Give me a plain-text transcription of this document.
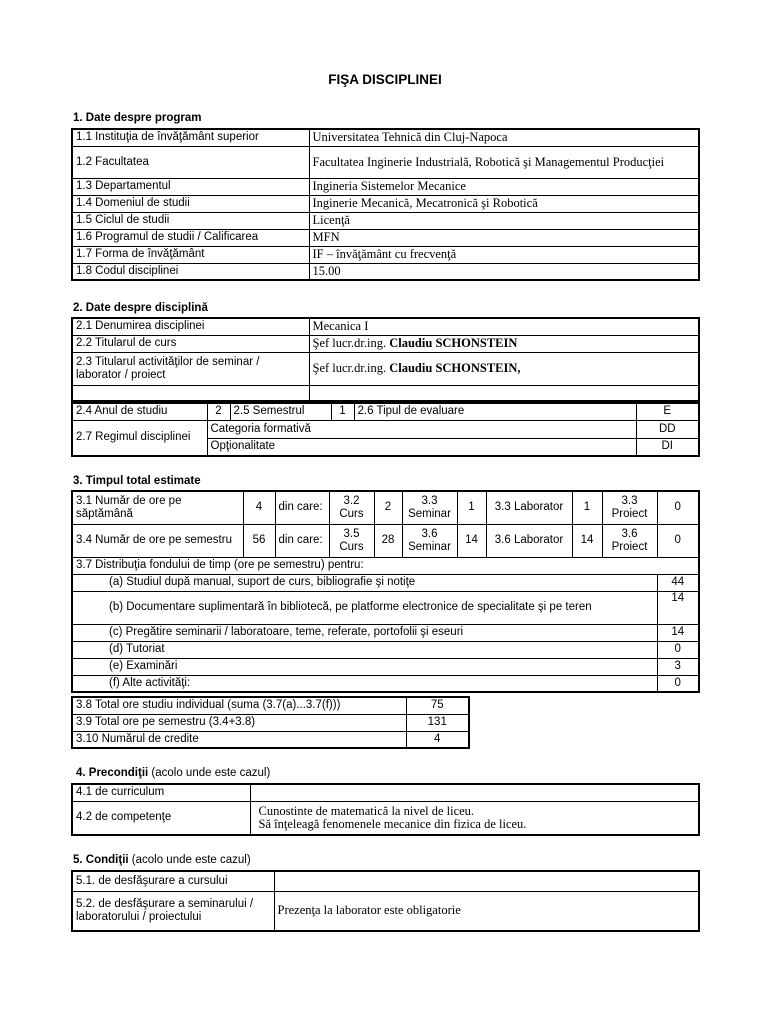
FIŞA DISCIPLINEI
1. Date despre program
1.1 Instituţia de învăţământ superior	Universitatea Tehnică din Cluj-Napoca
1.2 Facultatea	Facultatea Inginerie Industrială, Robotică şi Managementul Producţiei
1.3 Departamentul	Ingineria Sistemelor Mecanice
1.4 Domeniul de studii	Inginerie Mecanică, Mecatronică şi Robotică
1.5 Ciclul de studii	Licenţă
1.6 Programul de studii / Calificarea	MFN
1.7 Forma de învăţământ	IF – învăţământ cu frecvenţă
1.8 Codul disciplinei	15.00
2. Date despre disciplină
2.1 Denumirea disciplinei	Mecanica I
2.2 Titularul de curs	Şef lucr.dr.ing. Claudiu SCHONSTEIN
2.3 Titularul activităţilor de seminar / laborator / proiect	Şef lucr.dr.ing. Claudiu SCHONSTEIN,

2.4 Anul de studiu	2	2.5 Semestrul	1	2.6 Tipul de evaluare	E
2.7 Regimul disciplinei	Categoria formativă				DD
	Opţionalitate				DI
3. Timpul total estimate
3.1 Număr de ore pe săptămână	4	din care:	3.2 Curs	2	3.3 Seminar	1	3.3 Laborator	1	3.3 Proiect	0
3.4 Număr de ore pe semestru	56	din care:	3.5 Curs	28	3.6 Seminar	14	3.6 Laborator	14	3.6 Proiect	0
3.7 Distribuţia fondului de timp (ore pe semestru) pentru:										
(a) Studiul după manual, suport de curs, bibliografie şi notiţe										44
(b) Documentare suplimentară în bibliotecă, pe platforme electronice de specialitate şi pe teren										14
(c) Pregătire seminarii / laboratoare, teme, referate, portofolii şi eseuri										14
(d) Tutoriat										0
(e) Examinări										3
(f) Alte activităţi:										0
3.8 Total ore studiu individual (suma (3.7(a)...3.7(f)))	75
3.9 Total ore pe semestru (3.4+3.8)	131
3.10 Numărul de credite	4
4. Precondiţii (acolo unde este cazul)
4.1 de curriculum	
4.2 de competenţe	Cunostinte de matematică la nivel de liceu.
Să înţeleagă fenomenele mecanice din fizica de liceu.
5. Condiţii (acolo unde este cazul)
5.1. de desfăşurare a cursului	
5.2. de desfăşurare a seminarului / laboratorului / proiectului	Prezenţa la laborator este obligatorie
